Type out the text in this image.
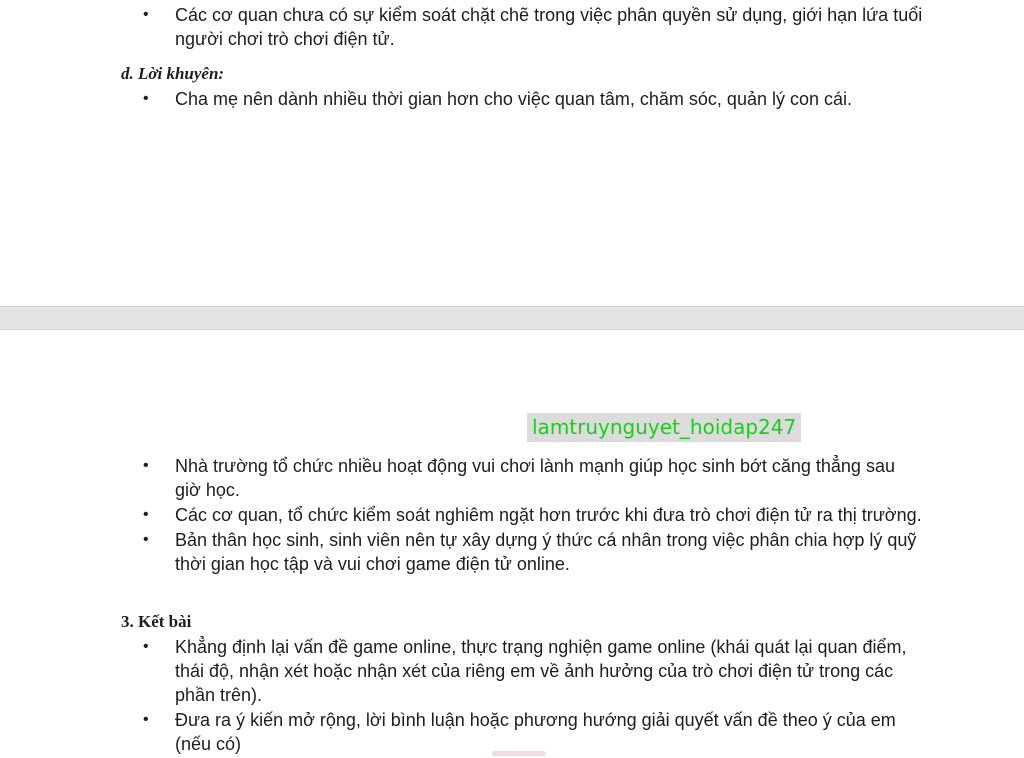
• Các cơ quan chưa có sự kiểm soát chặt chẽ trong việc phân quyền sử dụng, giới hạn lứa tuổi người chơi trò chơi điện tử.
d. Lời khuyên:
• Cha mẹ nên dành nhiều thời gian hơn cho việc quan tâm, chăm sóc, quản lý con cái.
lamtruynguyet_hoidap247
• Nhà trường tổ chức nhiều hoạt động vui chơi lành mạnh giúp học sinh bớt căng thẳng sau giờ học.
• Các cơ quan, tổ chức kiểm soát nghiêm ngặt hơn trước khi đưa trò chơi điện tử ra thị trường.
• Bản thân học sinh, sinh viên nên tự xây dựng ý thức cá nhân trong việc phân chia hợp lý quỹ thời gian học tập và vui chơi game điện tử online.
3. Kết bài
• Khẳng định lại vấn đề game online, thực trạng nghiện game online (khái quát lại quan điểm, thái độ, nhận xét hoặc nhận xét của riêng em về ảnh hưởng của trò chơi điện tử trong các phần trên).
• Đưa ra ý kiến mở rộng, lời bình luận hoặc phương hướng giải quyết vấn đề theo ý của em (nếu có)
